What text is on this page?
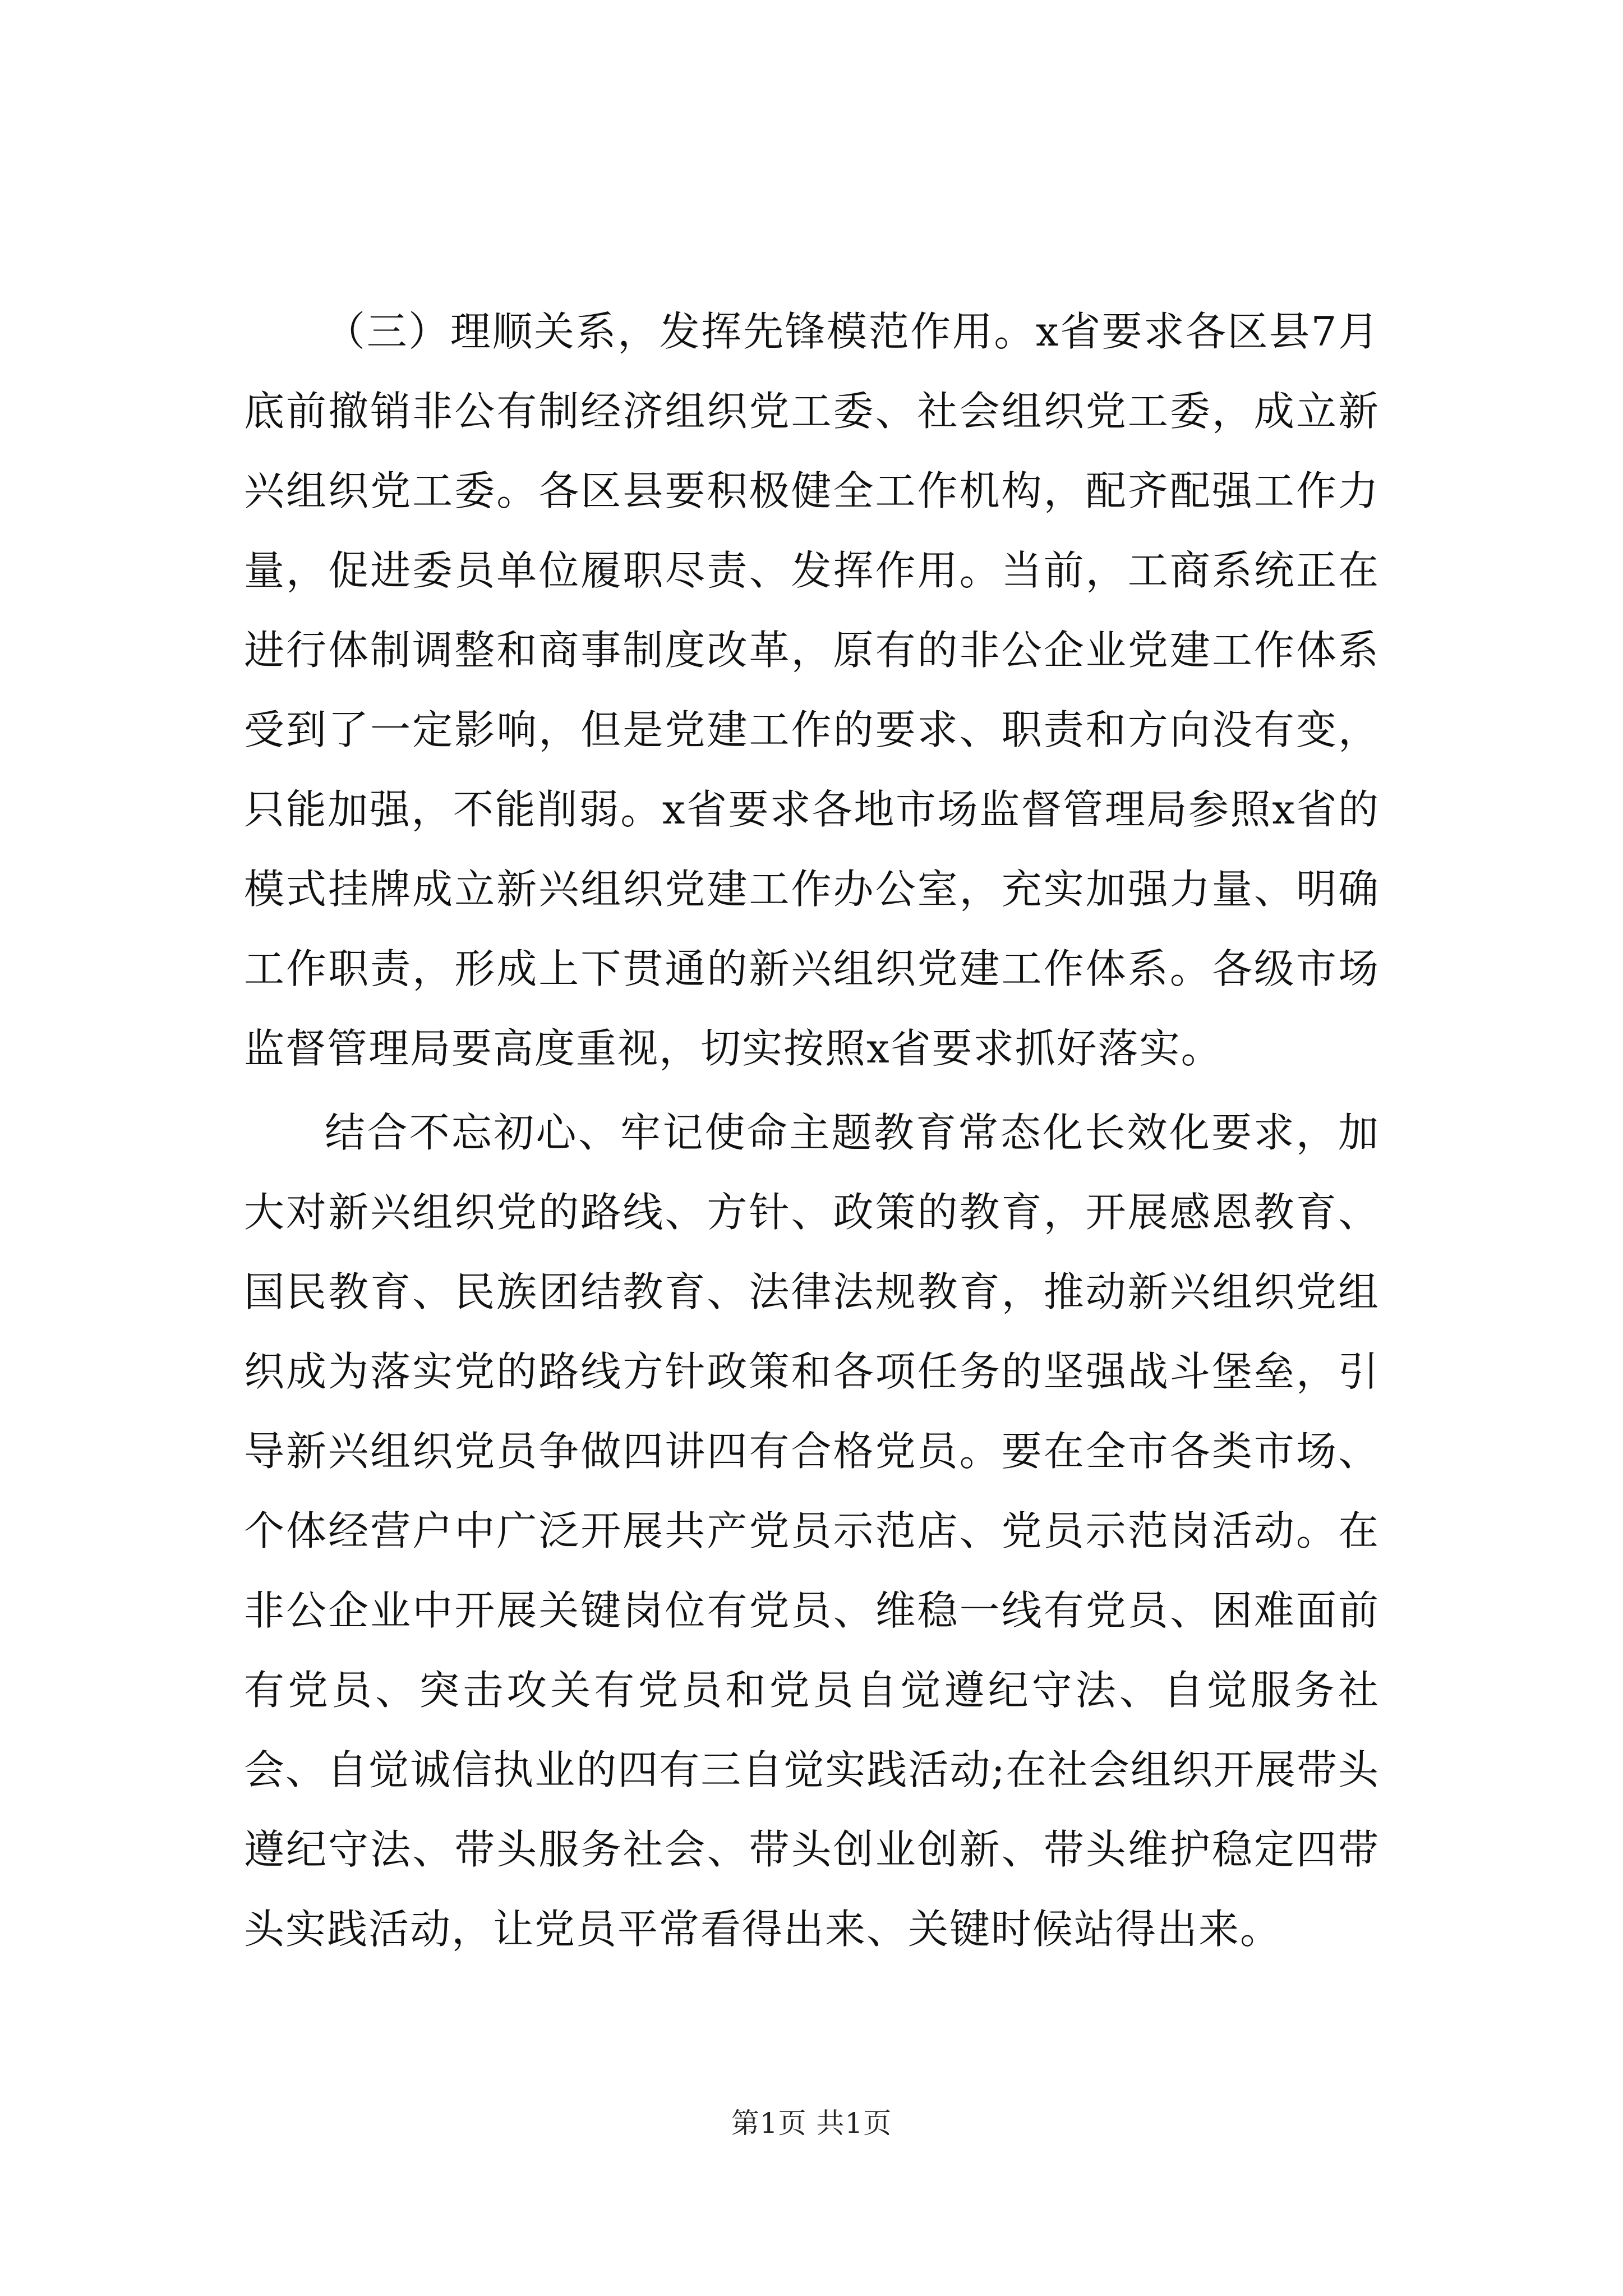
（三）理顺关系，发挥先锋模范作用。x省要求各区县7月底前撤销非公有制经济组织党工委、社会组织党工委，成立新兴组织党工委。各区县要积极健全工作机构，配齐配强工作力量，促进委员单位履职尽责、发挥作用。当前，工商系统正在进行体制调整和商事制度改革，原有的非公企业党建工作体系受到了一定影响，但是党建工作的要求、职责和方向没有变，只能加强，不能削弱。x省要求各地市场监督管理局参照x省的模式挂牌成立新兴组织党建工作办公室，充实加强力量、明确工作职责，形成上下贯通的新兴组织党建工作体系。各级市场监督管理局要高度重视，切实按照x省要求抓好落实。

结合不忘初心、牢记使命主题教育常态化长效化要求，加大对新兴组织党的路线、方针、政策的教育，开展感恩教育、国民教育、民族团结教育、法律法规教育，推动新兴组织党组织成为落实党的路线方针政策和各项任务的坚强战斗堡垒，引导新兴组织党员争做四讲四有合格党员。要在全市各类市场、个体经营户中广泛开展共产党员示范店、党员示范岗活动。在非公企业中开展关键岗位有党员、维稳一线有党员、困难面前有党员、突击攻关有党员和党员自觉遵纪守法、自觉服务社会、自觉诚信执业的四有三自觉实践活动;在社会组织开展带头遵纪守法、带头服务社会、带头创业创新、带头维护稳定四带头实践活动，让党员平常看得出来、关键时候站得出来。

第1页 共1页
